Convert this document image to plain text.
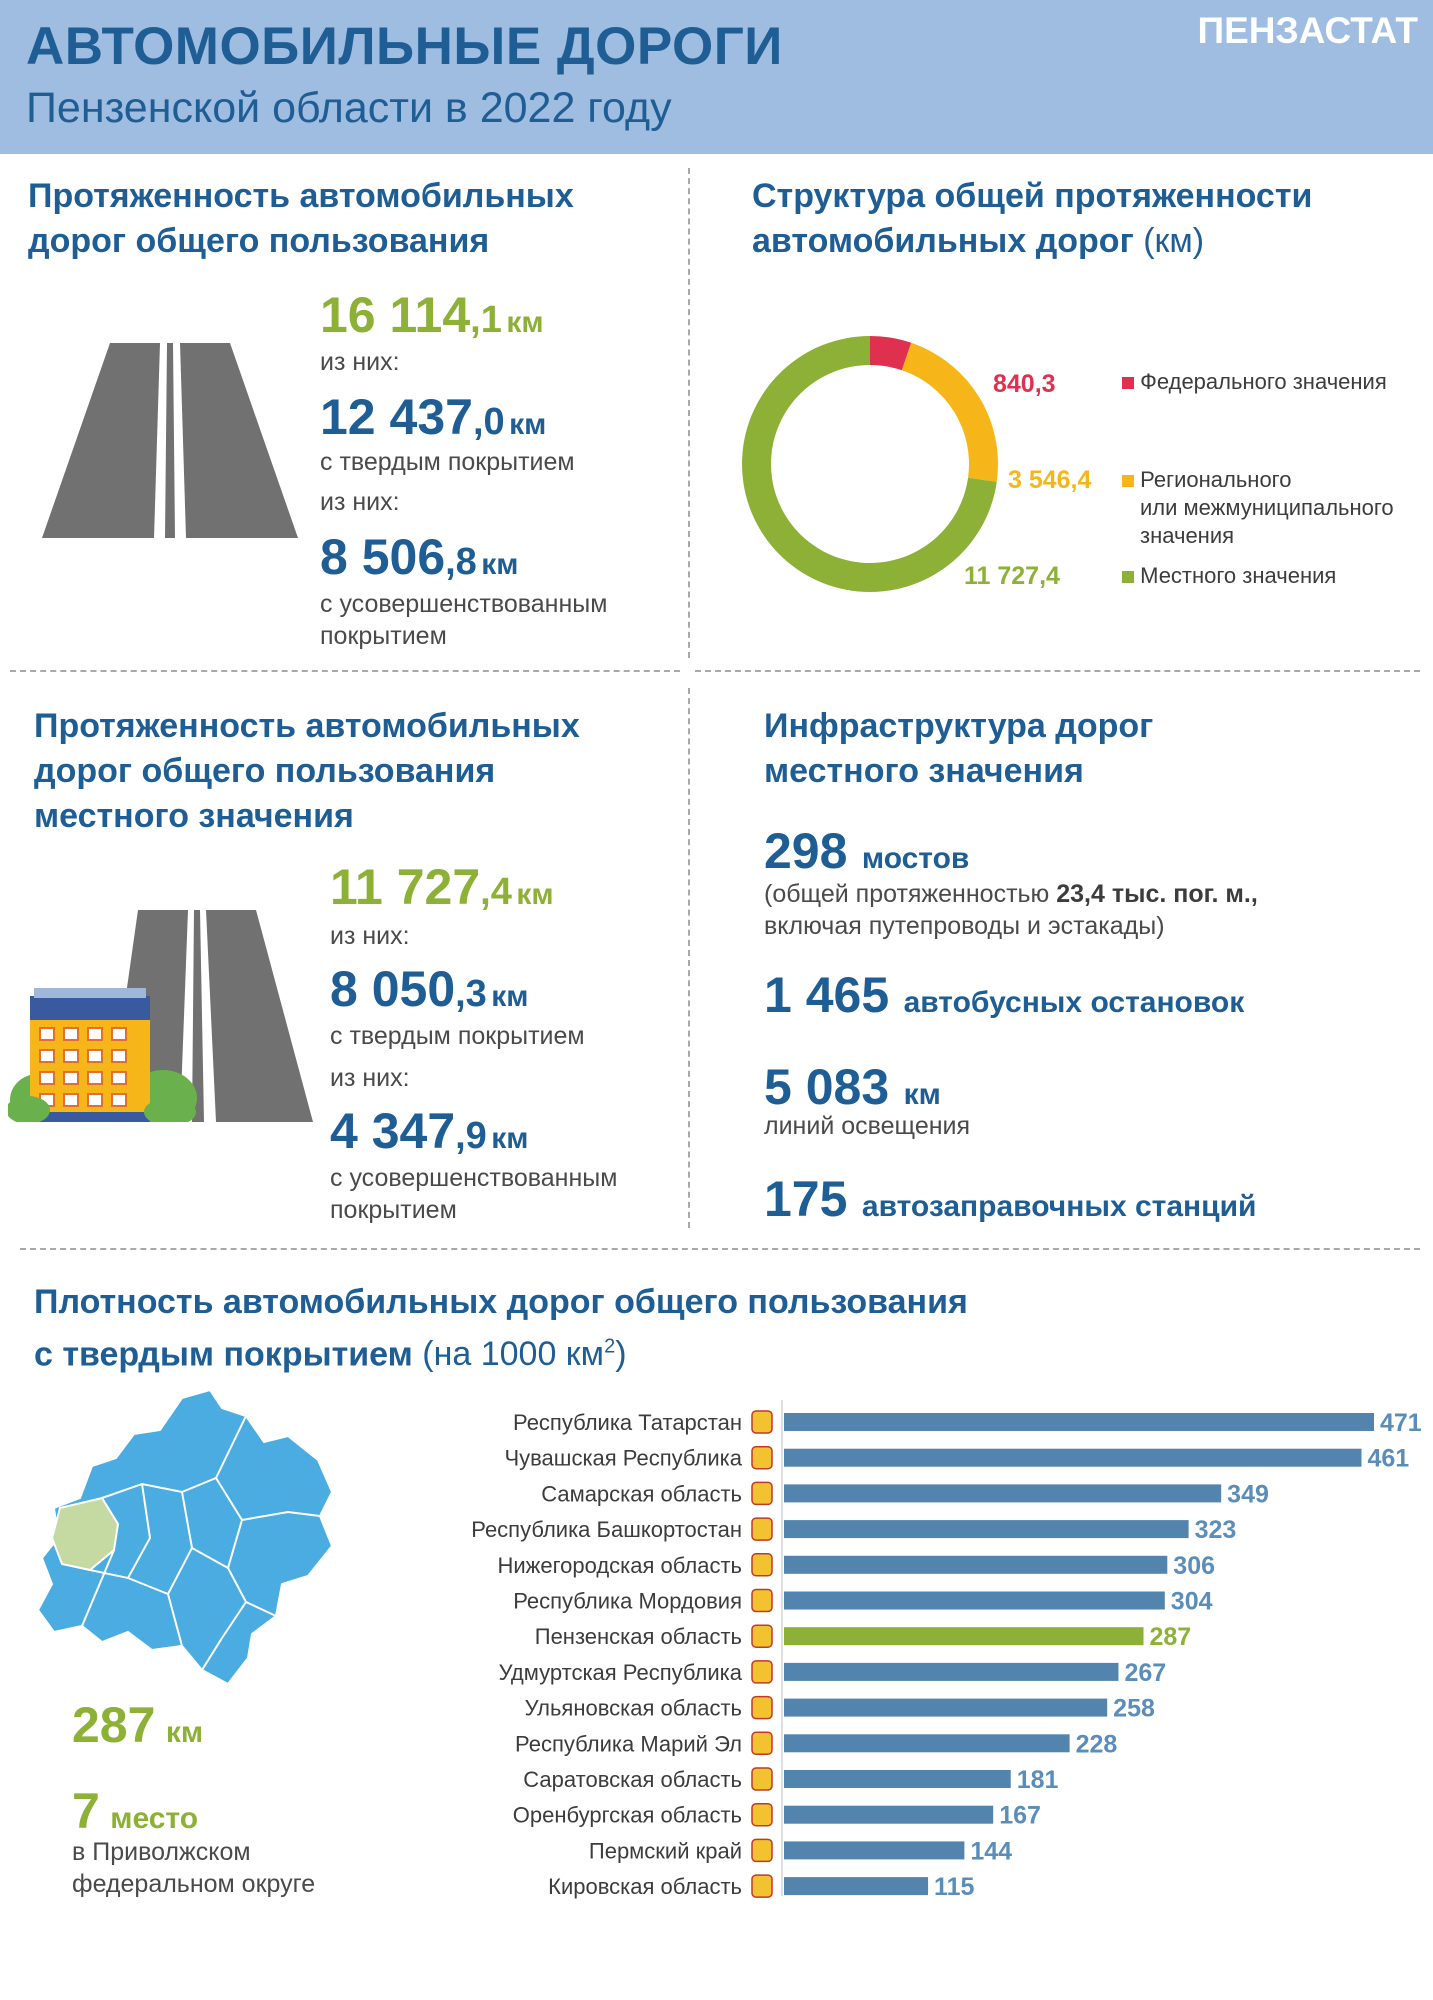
АВТОМОБИЛЬНЫЕ ДОРОГИ
Пензенской области в 2022 году
ПЕНЗАСТАТ
Протяженность автомобильных
дорог общего пользования
16 114,1 км
из них:
12 437,0 км
с твердым покрытием
из них:
8 506,8 км
с усовершенствованным
покрытием
Структура общей протяженности
автомобильных дорог (км)
840,3
3 546,4
11 727,4
Федерального значения
Регионального
или межмуниципального
значения
Местного значения
Протяженность автомобильных
дорог общего пользования
местного значения
11 727,4 км
из них:
8 050,3 км
с твердым покрытием
из них:
4 347,9 км
с усовершенствованным
покрытием
Инфраструктура дорог
местного значения
298 мостов
(общей протяженностью 23,4 тыс. пог. м.,
включая путепроводы и эстакады)
1 465 автобусных остановок
5 083 км
линий освещения
175 автозаправочных станций
Плотность автомобильных дорог общего пользования
с твердым покрытием (на 1000 $км^2$)
287 км
7 место
в Приволжском
федеральном округе
Республика Татарстан	471
Чувашская Республика	461
Самарская область	349
Республика Башкортостан	323
Нижегородская область	306
Республика Мордовия	304
Пензенская область	287
Удмуртская Республика	267
Ульяновская область	258
Республика Марий Эл	228
Саратовская область	181
Оренбургская область	167
Пермский край	144
Кировская область	115
